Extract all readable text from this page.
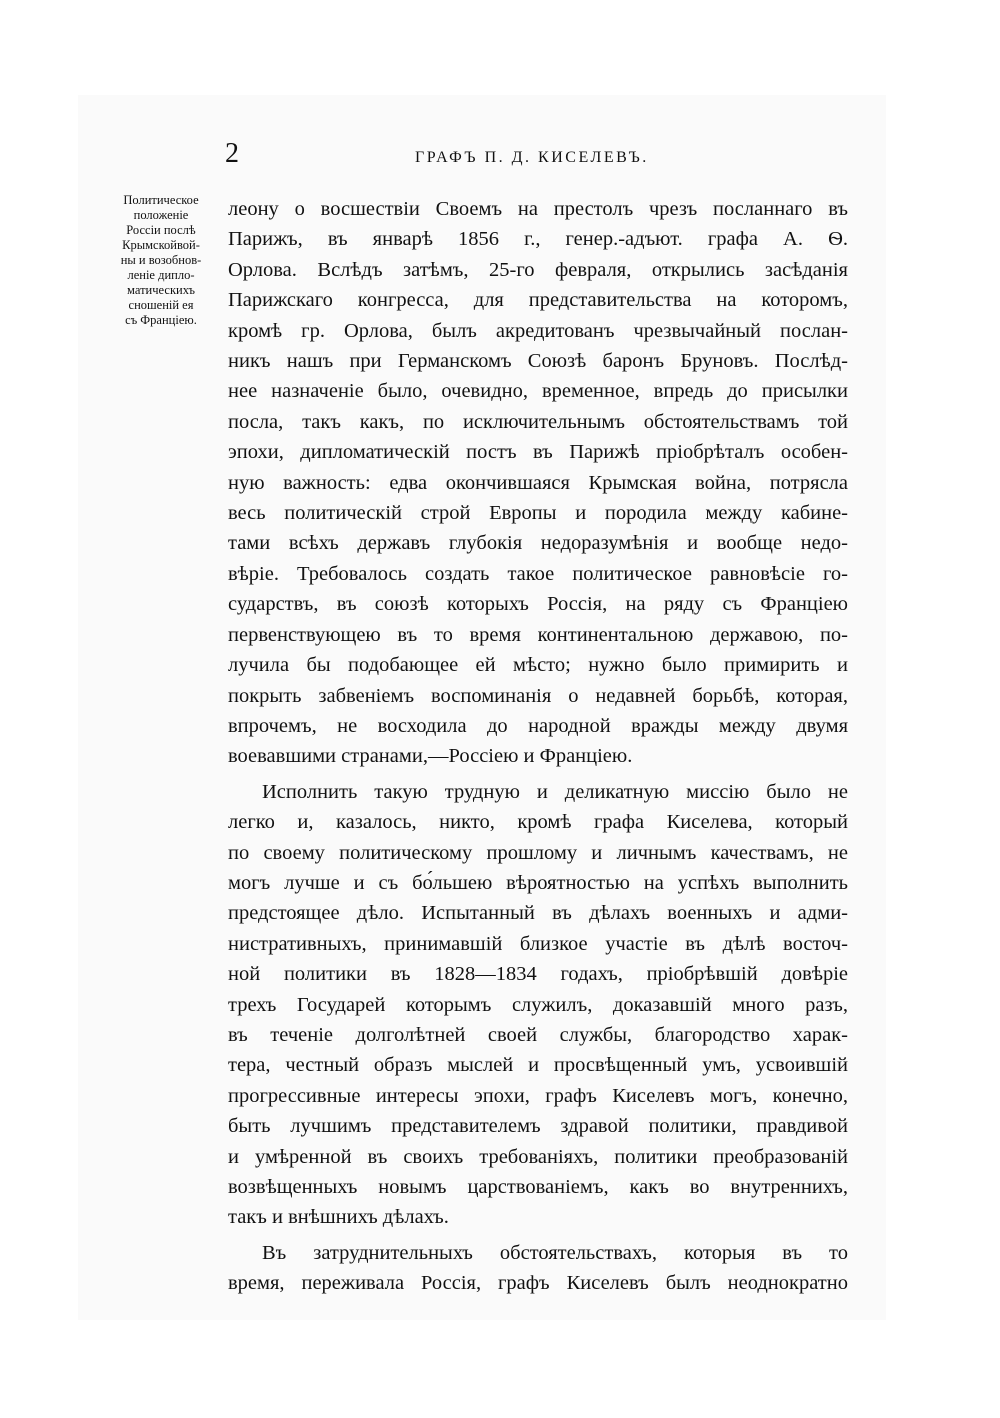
2	ГРАФЪ П. Д. КИСЕЛЕВЪ.
Политическое
положеніе
Россіи послѣ
Крымскойвой-
ны и возобнов-
леніе дипло-
матическихъ
сношеній ея
съ Франціею.
леону о восшествіи Своемъ на престолъ чрезъ посланнаго въ
Парижъ, въ январѣ 1856 г., генер.-адъют. графа А. Ѳ.
Орлова. Вслѣдъ затѣмъ, 25-го февраля, открылись засѣданія
Парижскаго конгресса, для представительства на которомъ,
кромѣ гр. Орлова, былъ акредитованъ чрезвычайный послан-
никъ нашъ при Германскомъ Союзѣ баронъ Бруновъ. Послѣд-
нее назначеніе было, очевидно, временное, впредь до присылки
посла, такъ какъ, по исключительнымъ обстоятельствамъ той
эпохи, дипломатическій постъ въ Парижѣ пріобрѣталъ особен-
ную важность: едва окончившаяся Крымская война, потрясла
весь политическій строй Европы и породила между кабине-
тами всѣхъ державъ глубокія недоразумѣнія и вообще недо-
вѣріе. Требовалось создать такое политическое равновѣсіе го-
сударствъ, въ союзѣ которыхъ Россія, на ряду съ Франціею
первенствующею въ то время континентальною державою, по-
лучила бы подобающее ей мѣсто; нужно было примирить и
покрыть забвеніемъ воспоминанія о недавней борьбѣ, которая,
впрочемъ, не восходила до народной вражды между двумя
воевавшими странами,—Россіею и Франціею.
Исполнить такую трудную и деликатную миссію было не
легко и, казалось, никто, кромѣ графа Киселева, который
по своему политическому прошлому и личнымъ качествамъ, не
могъ лучше и съ бо́льшею вѣроятностью на успѣхъ выполнить
предстоящее дѣло. Испытанный въ дѣлахъ военныхъ и адми-
нистративныхъ, принимавшій близкое участіе въ дѣлѣ восточ-
ной политики въ 1828—1834 годахъ, пріобрѣвшій довѣріе
трехъ Государей которымъ служилъ, доказавшій много разъ,
въ теченіе долголѣтней своей службы, благородство харак-
тера, честный образъ мыслей и просвѣщенный умъ, усвоившій
прогрессивные интересы эпохи, графъ Киселевъ могъ, конечно,
быть лучшимъ представителемъ здравой политики, правдивой
и умѣренной въ своихъ требованіяхъ, политики преобразованій
возвѣщенныхъ новымъ царствованіемъ, какъ во внутреннихъ,
такъ и внѣшнихъ дѣлахъ.
Въ затруднительныхъ обстоятельствахъ, которыя въ то
время, переживала Россія, графъ Киселевъ былъ неоднократно
